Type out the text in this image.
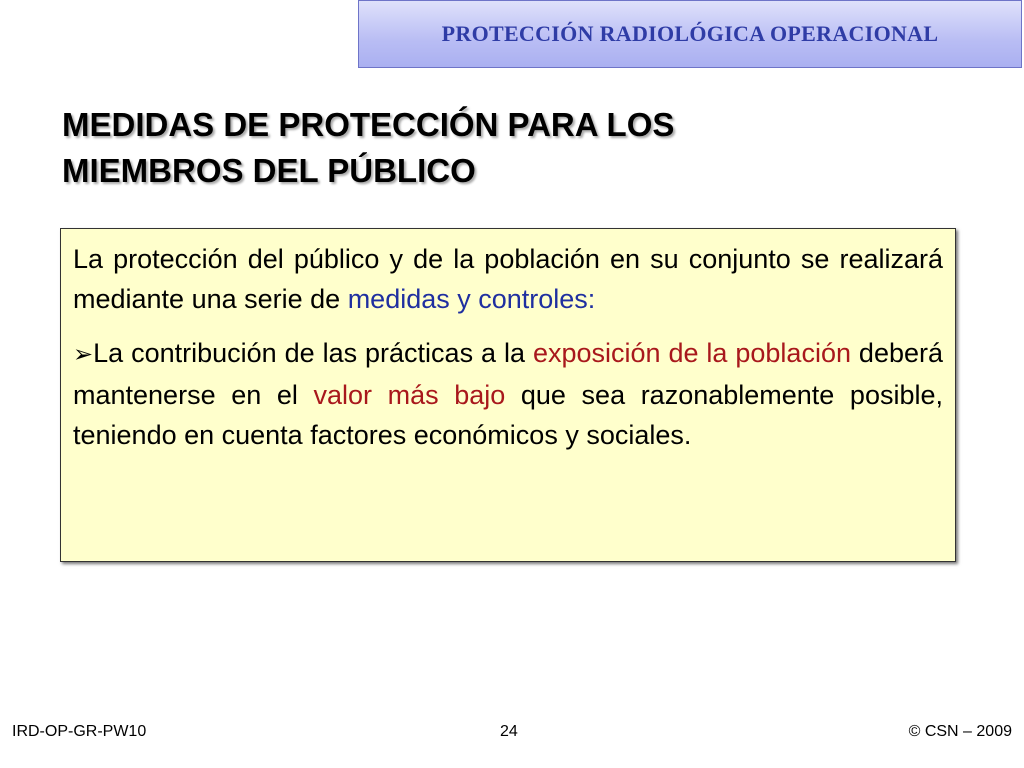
PROTECCIÓN RADIOLÓGICA OPERACIONAL
MEDIDAS DE PROTECCIÓN PARA LOS
MIEMBROS DEL PÚBLICO

La protección del público y de la población en su conjunto se realizará mediante una serie de medidas y controles:

➢La contribución de las prácticas a la exposición de la población deberá mantenerse en el valor más bajo que sea razonablemente posible, teniendo en cuenta factores económicos y sociales.

IRD-OP-GR-PW10	24	© CSN – 2009
